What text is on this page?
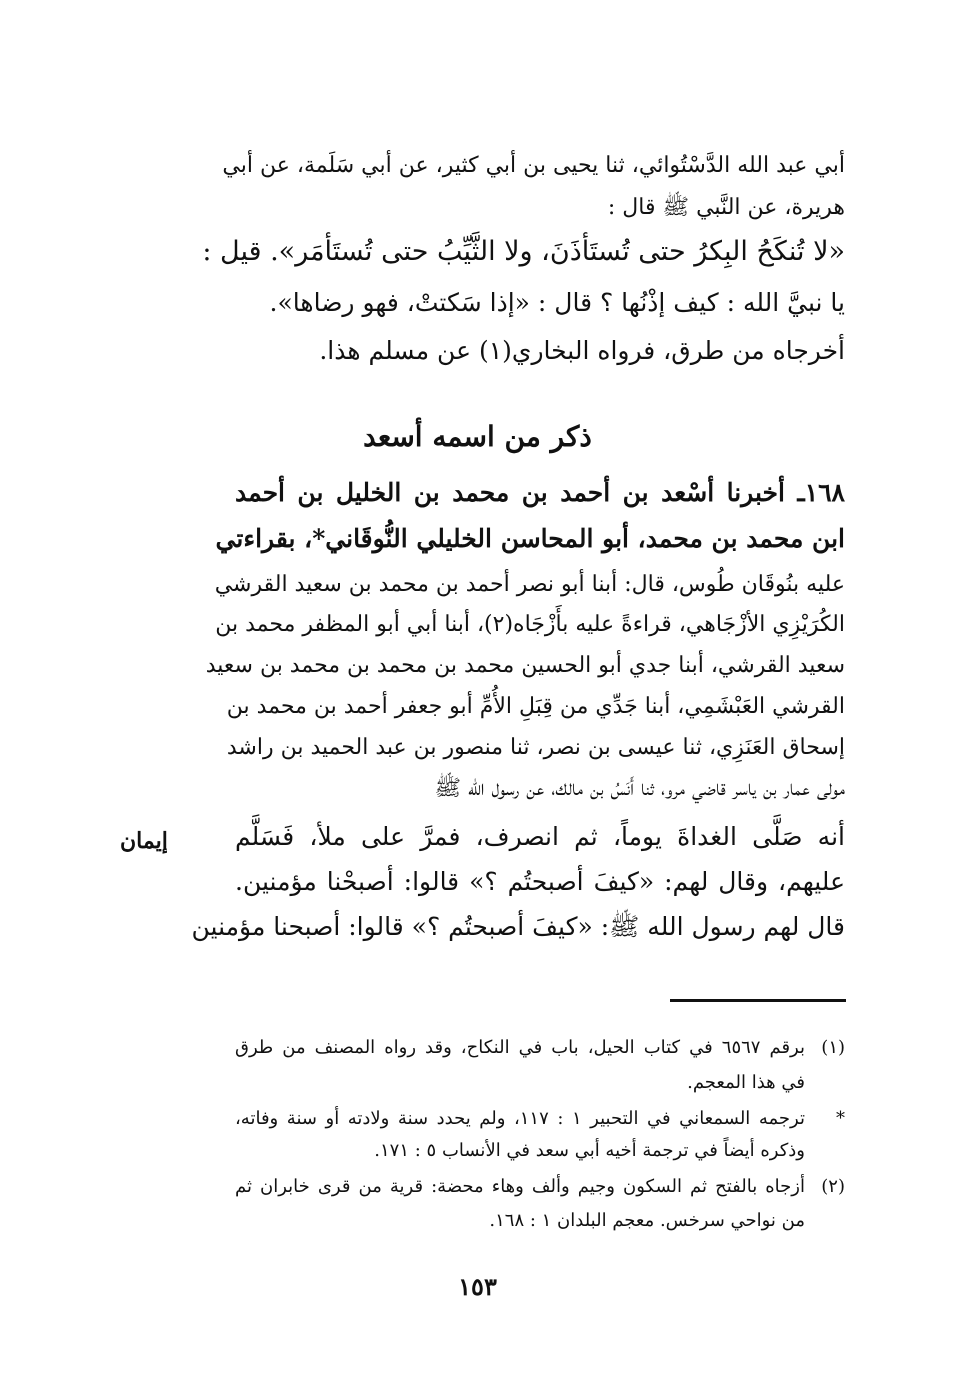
أبي عبد الله الدَّسْتُوائي، ثنا يحيى بن أبي كثير، عن أبي سَلَمة، عن أبي
هريرة، عن النَّبي ﷺ قال :
«لا تُنكَحُ البِكرُ حتى تُستَأذَنَ، ولا الثَّيِّبُ حتى تُستَأمَر». قيل :
يا نبيَّ الله : كيف إذْنُها ؟ قال : «إذا سَكتتْ، فهو رضاها».
أخرجاه من طرق، فرواه البخاري(١) عن مسلم هذا.
ذكر من اسمه أسعد
١٦٨ـ أخبرنا أسْعد بن أحمد بن محمد بن الخليل بن أحمد
ابن محمد بن محمد، أبو المحاسن الخليلي النُّوقَاني*، بقراءتي
عليه بنُوقَان طُوس، قال: أبنا أبو نصر أحمد بن محمد بن سعيد القرشي
الكُرَيْزِي الأزْجَاهي، قراءةً عليه بأَزْجَاه(٢)، أبنا أبي أبو المظفر محمد بن
سعيد القرشي، أبنا جدي أبو الحسين محمد بن محمد بن محمد بن سعيد
القرشي العَبْشَمِي، أبنا جَدِّي من قِبَلِ الأُمِّ أبو جعفر أحمد بن محمد بن
إسحاق العَنَزِي، ثنا عيسى بن نصر، ثنا منصور بن عبد الحميد بن راشد
مولى عمار بن ياسر قاضي مرو، ثنا أَنَسُ بن مالك، عن رسول الله ﷺ
أنه صَلَّى الغداةَ يوماً، ثم انصرف، فمرَّ على ملأ، فَسَلَّم
عليهم، وقال لهم: «كيفَ أصبحتُم ؟» قالوا: أصبحْنا مؤمنين.
قال لهم رسول الله ﷺ: «كيفَ أصبحتُم ؟» قالوا: أصبحنا مؤمنين
إيمان
(١)برقم ٦٥٦٧ في كتاب الحيل، باب في النكاح، وقد رواه المصنف من طرق
في هذا المعجم.
*ترجمه السمعاني في التحبير ١ : ١١٧، ولم يحدد سنة ولادته أو سنة وفاته،
وذكره أيضاً في ترجمة أخيه أبي سعد في الأنساب ٥ : ١٧١.
(٢)أزجاه بالفتح ثم السكون وجيم وألف وهاء محضة: قرية من قرى خابران ثم
من نواحي سرخس. معجم البلدان ١ : ١٦٨.
١٥٣
